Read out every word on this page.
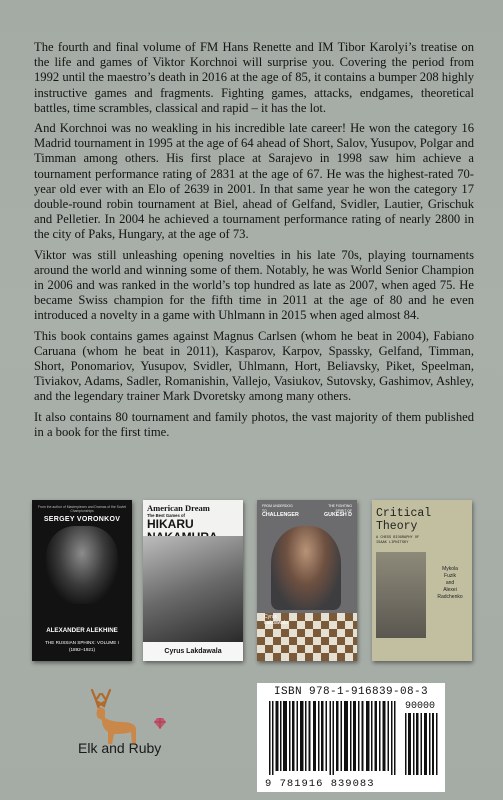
The fourth and final volume of FM Hans Renette and IM Tibor Karolyi’s treatise on the life and games of Viktor Korchnoi will surprise you. Covering the period from 1992 until the maestro’s death in 2016 at the age of 85, it contains a bumper 208 highly instructive games and fragments. Fighting games, attacks, endgames, theoretical battles, time scrambles, classical and rapid – it has the lot.

And Korchnoi was no weakling in his incredible late career! He won the category 16 Madrid tournament in 1995 at the age of 64 ahead of Short, Salov, Yusupov, Polgar and Timman among others. His first place at Sarajevo in 1998 saw him achieve a tournament performance rating of 2831 at the age of 67. He was the highest-rated 70-year old ever with an Elo of 2639 in 2001. In that same year he won the category 17 double-round robin tournament at Biel, ahead of Gelfand, Svidler, Lautier, Grischuk and Pelletier. In 2004 he achieved a tournament performance rating of nearly 2800 in the city of Paks, Hungary, at the age of 73.

Viktor was still unleashing opening novelties in his late 70s, playing tournaments around the world and winning some of them. Notably, he was World Senior Champion in 2006 and was ranked in the world’s top hundred as late as 2007, when aged 75. He became Swiss champion for the fifth time in 2011 at the age of 80 and he even introduced a novelty in a game with Uhlmann in 2015 when aged almost 84.

This book contains games against Magnus Carlsen (whom he beat in 2004), Fabiano Caruana (whom he beat in 2011), Kasparov, Karpov, Spassky, Gelfand, Timman, Short, Ponomariov, Yusupov, Svidler, Uhlmann, Hort, Beliavsky, Piket, Speelman, Tiviakov, Adams, Sadler, Romanishin, Vallejo, Vasiukov, Sutovsky, Gashimov, Ashley, and the legendary trainer Mark Dvoretsky among many others.

It also contains 80 tournament and family photos, the vast majority of them published in a book for the first time.

From the author of Masterpieces and Dramas of the Soviet Championships
SERGEY VORONKOV
ALEXANDER ALEKHINE
THE RUSSIAN SPHINX: VOLUME I
(1892–1921)
American Dream
The Best Games of
HIKARU
Cyrus Lakdawala
FROM UNDERDOG
TO
CHALLENGER
THE FIGHTING
SPIRIT OF
GUKESH D
Cyrus
Lakdawala
Critical
Theory
A CHESS BIOGRAPHY OF
ISAAK LIPNITSKY
Mykola
Fuzik
and
Alexei
Radchenko
Elk and Ruby
ISBN 978-1-916839-08-3
90000
9 781916 839083
